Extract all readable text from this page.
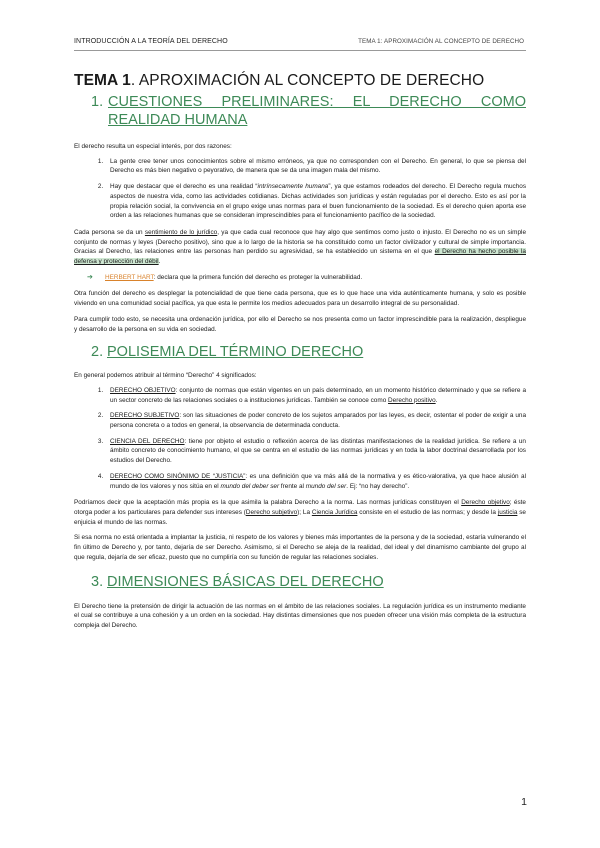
INTRODUCCIÓN A LA TEORÍA DEL DERECHO	TEMA 1: APROXIMACIÓN AL CONCEPTO DE DERECHO
TEMA 1. APROXIMACIÓN AL CONCEPTO DE DERECHO
1. CUESTIONES PRELIMINARES: EL DERECHO COMO REALIDAD HUMANA

El derecho resulta un especial interés, por dos razones:

1. La gente cree tener unos conocimientos sobre el mismo erróneos, ya que no corresponden con el Derecho. En general, lo que se piensa del Derecho es más bien negativo o peyorativo, de manera que se da una imagen mala del mismo.
2. Hay que destacar que el derecho es una realidad “intrínsecamente humana”, ya que estamos rodeados del derecho. El Derecho regula muchos aspectos de nuestra vida, como las actividades cotidianas. Dichas actividades son jurídicas y están reguladas por el derecho. Esto es así por la propia relación social, la convivencia en el grupo exige unas normas para el buen funcionamiento de la sociedad. Es el derecho quien aporta ese orden a las relaciones humanas que se consideran imprescindibles para el funcionamiento pacífico de la sociedad.

Cada persona se da un sentimiento de lo jurídico, ya que cada cual reconoce que hay algo que sentimos como justo o injusto. El Derecho no es un simple conjunto de normas y leyes (Derecho positivo), sino que a lo largo de la historia se ha constituido como un factor civilizador y cultural de simple importancia. Gracias al Derecho, las relaciones entre las personas han perdido su agresividad, se ha establecido un sistema en el que el Derecho ha hecho posible la defensa y protección del débil.

➔	HERBERT HART: declara que la primera función del derecho es proteger la vulnerabilidad.

Otra función del derecho es desplegar la potencialidad de que tiene cada persona, que es lo que hace una vida auténticamente humana, y solo es posible viviendo en una comunidad social pacífica, ya que esta le permite los medios adecuados para un desarrollo integral de su personalidad.

Para cumplir todo esto, se necesita una ordenación jurídica, por ello el Derecho se nos presenta como un factor imprescindible para la realización, despliegue y desarrollo de la persona en su vida en sociedad.

2. POLISEMIA DEL TÉRMINO DERECHO

En general podemos atribuir al término “Derecho” 4 significados:

1. DERECHO OBJETIVO: conjunto de normas que están vigentes en un país determinado, en un momento histórico determinado y que se refiere a un sector concreto de las relaciones sociales o a instituciones jurídicas. También se conoce como Derecho positivo.
2. DERECHO SUBJETIVO: son las situaciones de poder concreto de los sujetos amparados por las leyes, es decir, ostentar el poder de exigir a una persona concreta o a todos en general, la observancia de determinada conducta.
3. CIENCIA DEL DERECHO: tiene por objeto el estudio o reflexión acerca de las distintas manifestaciones de la realidad jurídica. Se refiere a un ámbito concreto de conocimiento humano, el que se centra en el estudio de las normas jurídicas y en toda la labor doctrinal desarrollada por los estudios del Derecho.
4. DERECHO COMO SINÓNIMO DE “JUSTICIA”: es una definición que va más allá de la normativa y es ético-valorativa, ya que hace alusión al mundo de los valores y nos sitúa en el mundo del deber ser frente al mundo del ser. Ej: “no hay derecho”.

Podríamos decir que la aceptación más propia es la que asimila la palabra Derecho a la norma. Las normas jurídicas constituyen el Derecho objetivo; éste otorga poder a los particulares para defender sus intereses (Derecho subjetivo); La Ciencia Jurídica consiste en el estudio de las normas; y desde la justicia se enjuicia el mundo de las normas.

Si esa norma no está orientada a implantar la justicia, ni respeto de los valores y bienes más importantes de la persona y de la sociedad, estaría vulnerando el fin último de Derecho y, por tanto, dejaría de ser Derecho. Asimismo, si el Derecho se aleja de la realidad, del ideal y del dinamismo cambiante del grupo al que regula, dejaría de ser eficaz, puesto que no cumpliría con su función de regular las relaciones sociales.

3. DIMENSIONES BÁSICAS DEL DERECHO

El Derecho tiene la pretensión de dirigir la actuación de las normas en el ámbito de las relaciones sociales. La regulación jurídica es un instrumento mediante el cual se contribuye a una cohesión y a un orden en la sociedad. Hay distintas dimensiones que nos pueden ofrecer una visión más completa de la estructura compleja del Derecho.

1
